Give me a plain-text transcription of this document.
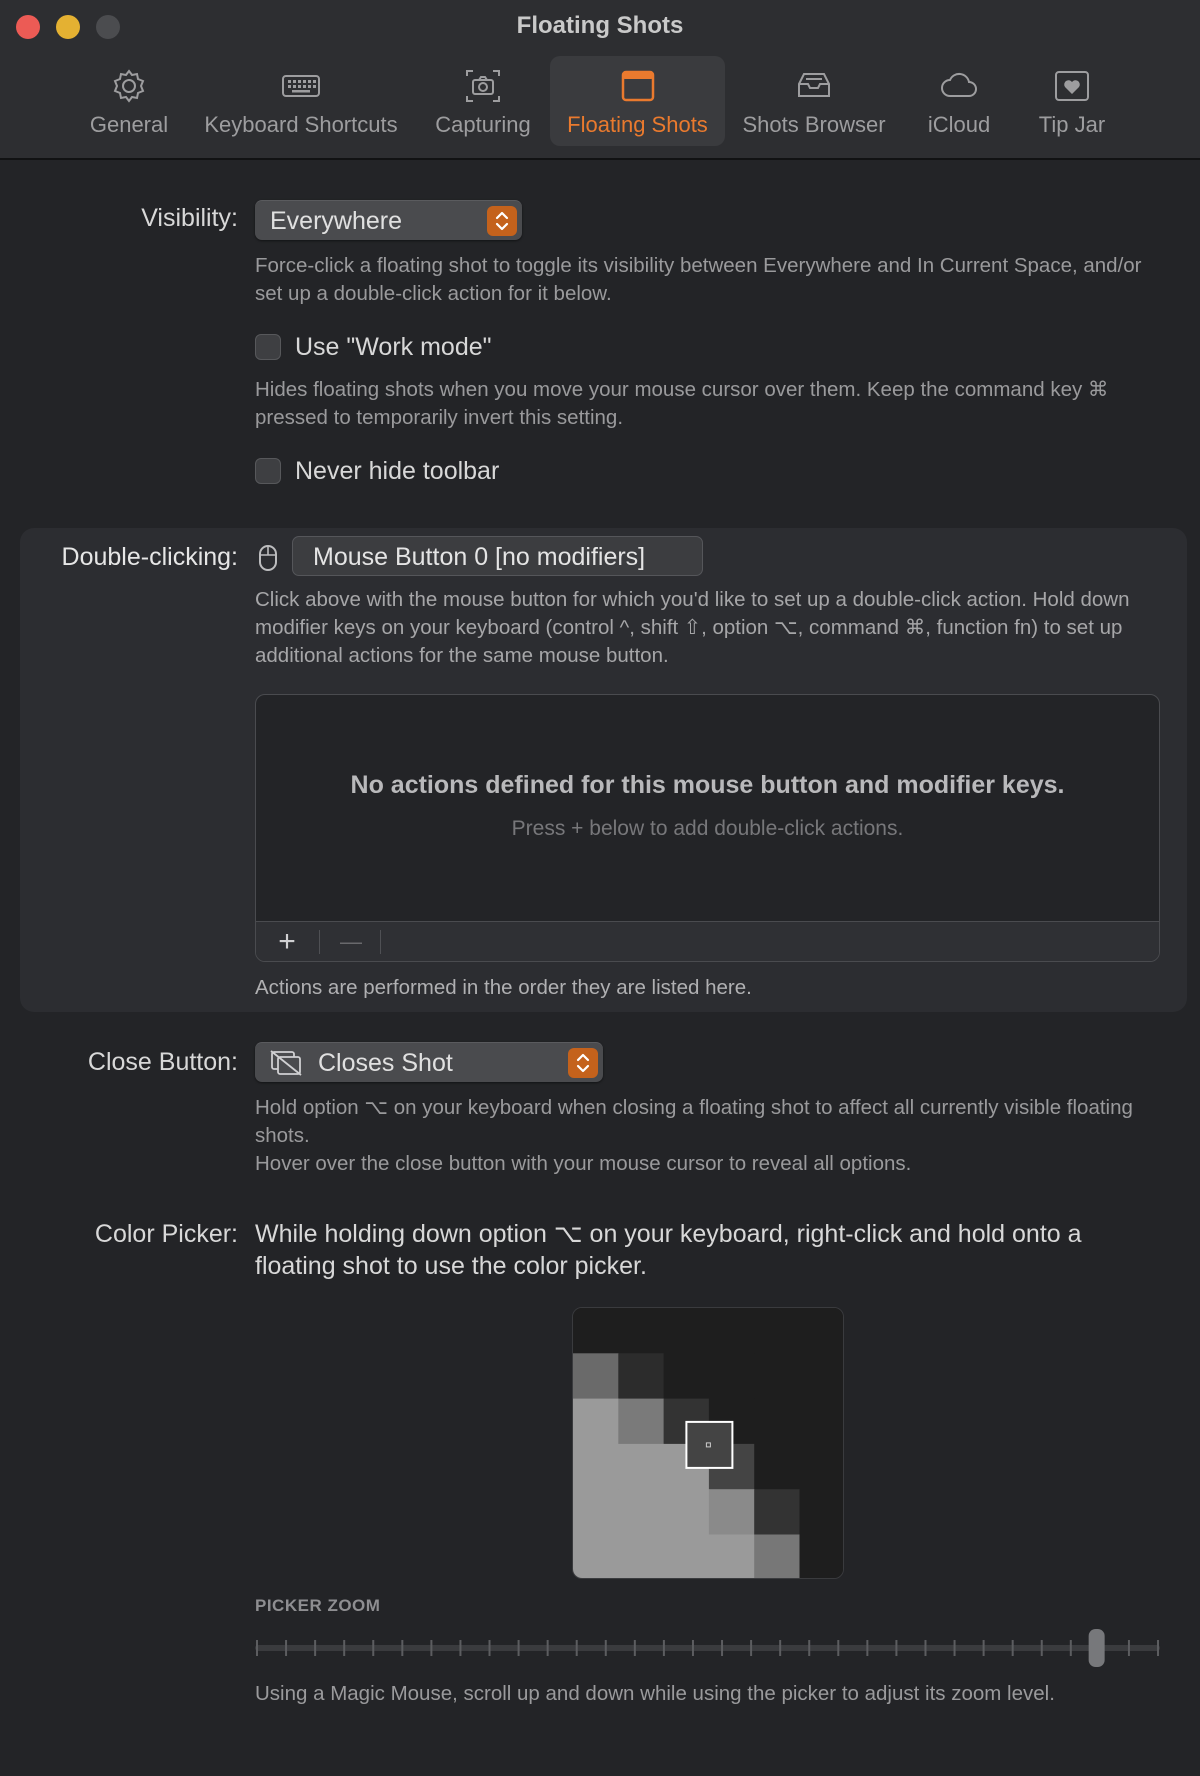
Floating Shots
General	Keyboard Shortcuts	Capturing	Floating Shots	Shots Browser	iCloud	Tip Jar
Visibility: Everywhere
Force-click a floating shot to toggle its visibility between Everywhere and In Current Space, and/or set up a double-click action for it below.
Use "Work mode"
Hides floating shots when you move your mouse cursor over them. Keep the command key ⌘ pressed to temporarily invert this setting.
Never hide toolbar
Double-clicking:	Mouse Button 0 [no modifiers]
Click above with the mouse button for which you'd like to set up a double-click action. Hold down modifier keys on your keyboard (control ^, shift ⇧, option ⌥, command ⌘, function fn) to set up additional actions for the same mouse button.
No actions defined for this mouse button and modifier keys.
Press + below to add double-click actions.
+	—
Actions are performed in the order they are listed here.
Close Button:	Closes Shot
Hold option ⌥ on your keyboard when closing a floating shot to affect all currently visible floating shots.
Hover over the close button with your mouse cursor to reveal all options.
Color Picker: While holding down option ⌥ on your keyboard, right-click and hold onto a floating shot to use the color picker.
PICKER ZOOM
Using a Magic Mouse, scroll up and down while using the picker to adjust its zoom level.
